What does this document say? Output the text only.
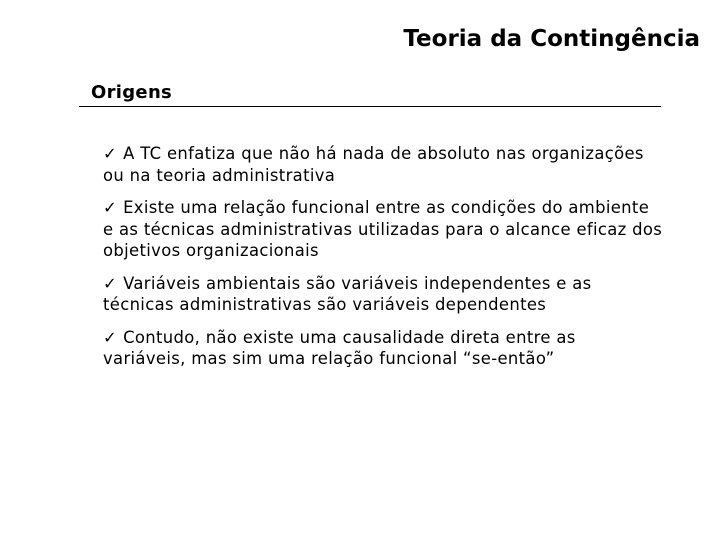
Teoria da Contingência
Origens
✓ A TC enfatiza que não há nada de absoluto nas organizações ou na teoria administrativa
✓ Existe uma relação funcional entre as condições do ambiente e as técnicas administrativas utilizadas para o alcance eficaz dos objetivos organizacionais
✓ Variáveis ambientais são variáveis independentes e as técnicas administrativas são variáveis dependentes
✓ Contudo, não existe uma causalidade direta entre as variáveis, mas sim uma relação funcional “se-então”
